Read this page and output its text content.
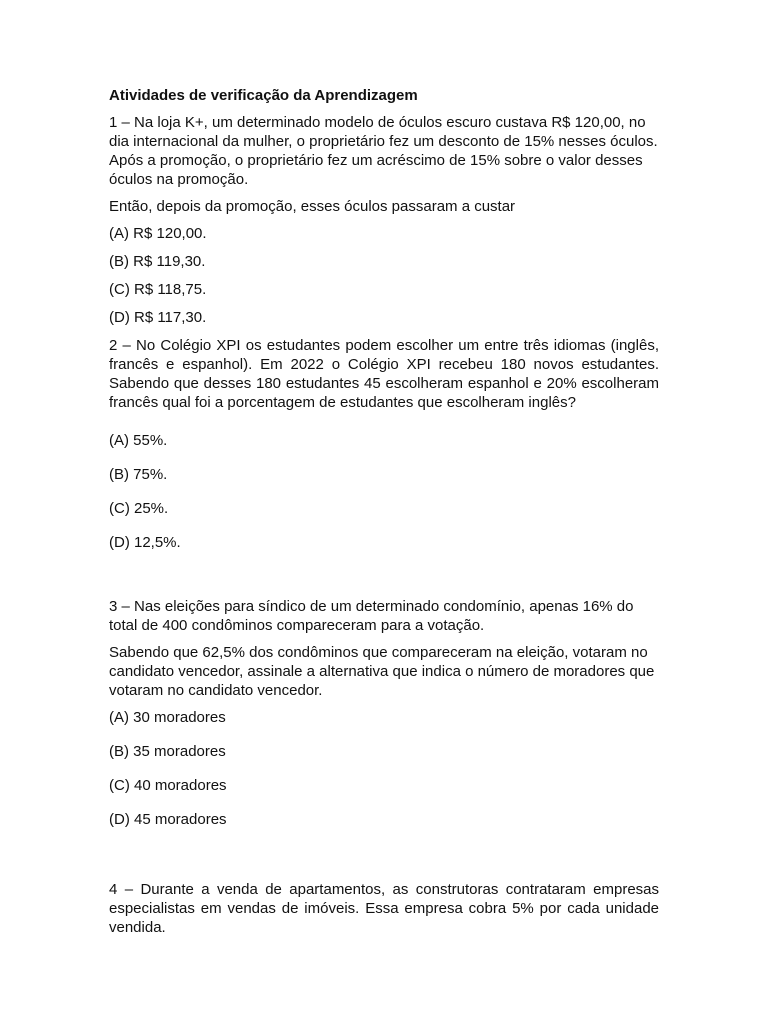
Atividades de verificação da Aprendizagem

1 – Na loja K+, um determinado modelo de óculos escuro custava R$ 120,00, no dia internacional da mulher, o proprietário fez um desconto de 15% nesses óculos. Após a promoção, o proprietário fez um acréscimo de 15% sobre o valor desses óculos na promoção.

Então, depois da promoção, esses óculos passaram a custar

(A) R$ 120,00.

(B) R$ 119,30.

(C) R$ 118,75.

(D) R$ 117,30.

2 – No Colégio XPI os estudantes podem escolher um entre três idiomas (inglês, francês e espanhol). Em 2022 o Colégio XPI recebeu 180 novos estudantes. Sabendo que desses 180 estudantes 45 escolheram espanhol e 20% escolheram francês qual foi a porcentagem de estudantes que escolheram inglês?

(A) 55%.

(B) 75%.

(C) 25%.

(D) 12,5%.

3 – Nas eleições para síndico de um determinado condomínio, apenas 16% do total de 400 condôminos compareceram para a votação.

Sabendo que 62,5% dos condôminos que compareceram na eleição, votaram no candidato vencedor, assinale a alternativa que indica o número de moradores que votaram no candidato vencedor.

(A) 30 moradores

(B) 35 moradores

(C) 40 moradores

(D) 45 moradores

4 – Durante a venda de apartamentos, as construtoras contrataram empresas especialistas em vendas de imóveis. Essa empresa cobra 5% por cada unidade vendida.
